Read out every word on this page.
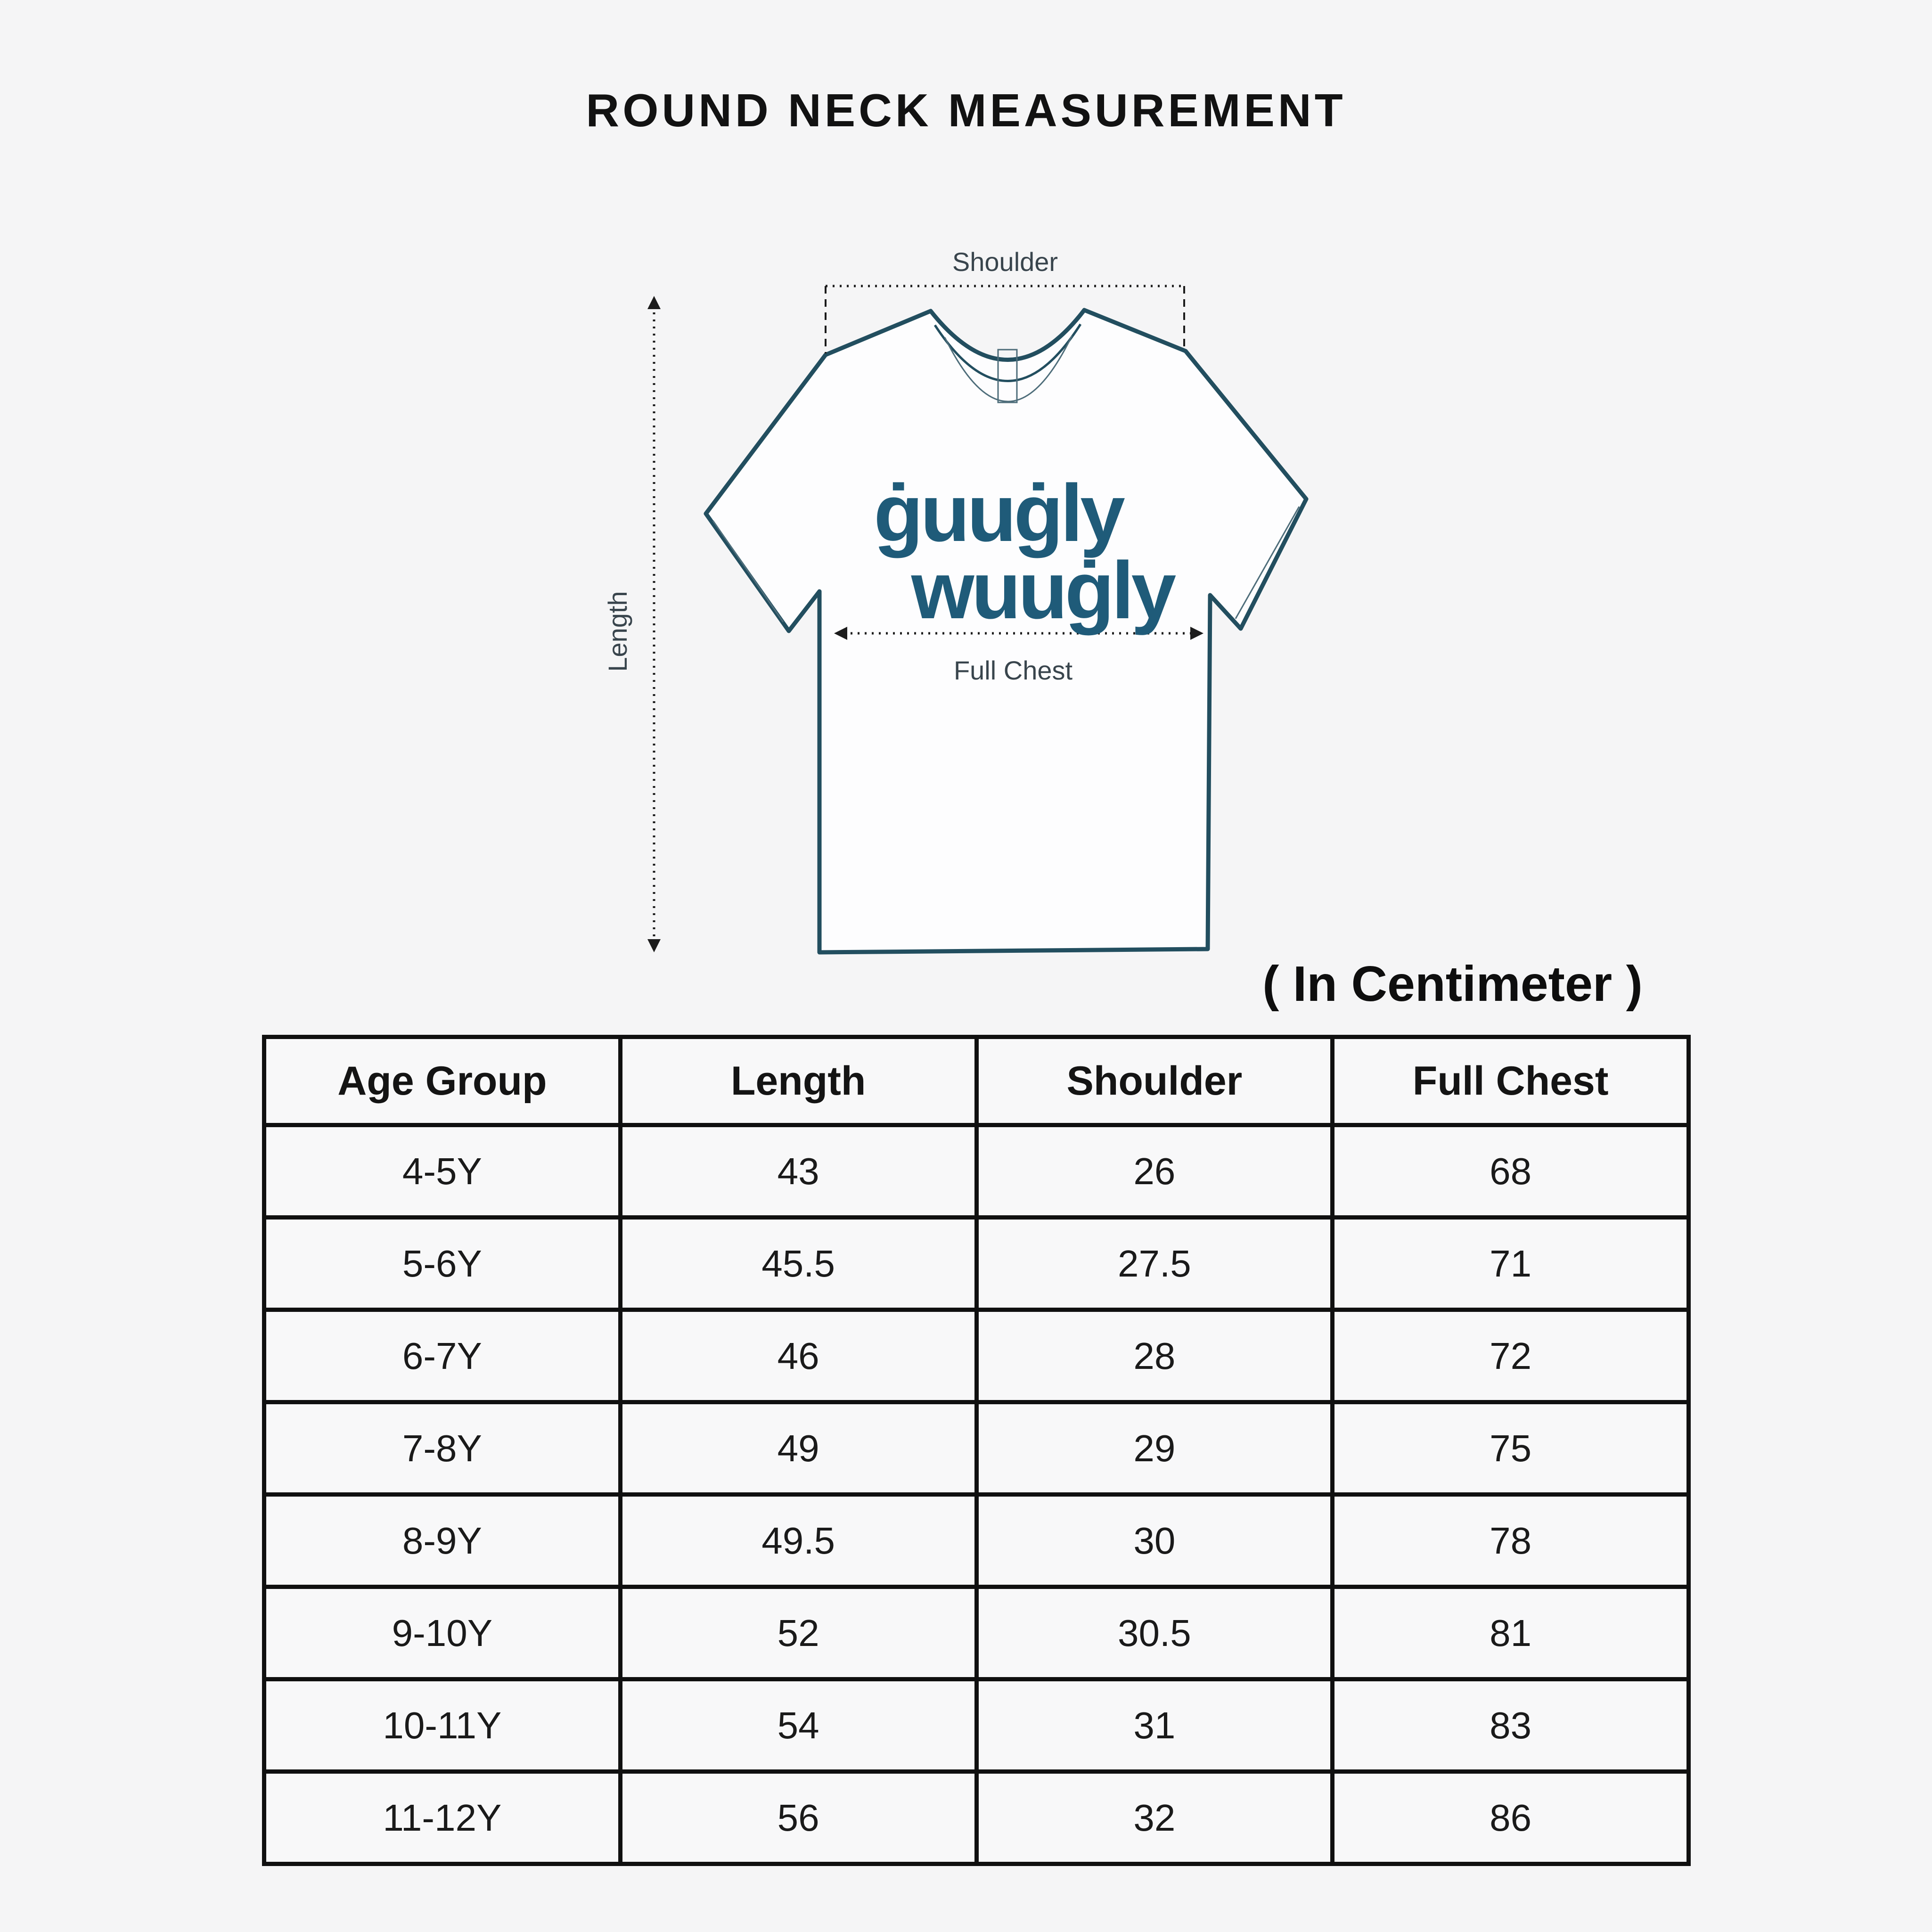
ROUND NECK MEASUREMENT
Shoulder
Length	Full Chest
ġuuġly
wuuġly
( In Centimeter )
Age Group	Length	Shoulder	Full Chest
4-5Y	43	26	68
5-6Y	45.5	27.5	71
6-7Y	46	28	72
7-8Y	49	29	75
8-9Y	49.5	30	78
9-10Y	52	30.5	81
10-11Y	54	31	83
11-12Y	56	32	86
